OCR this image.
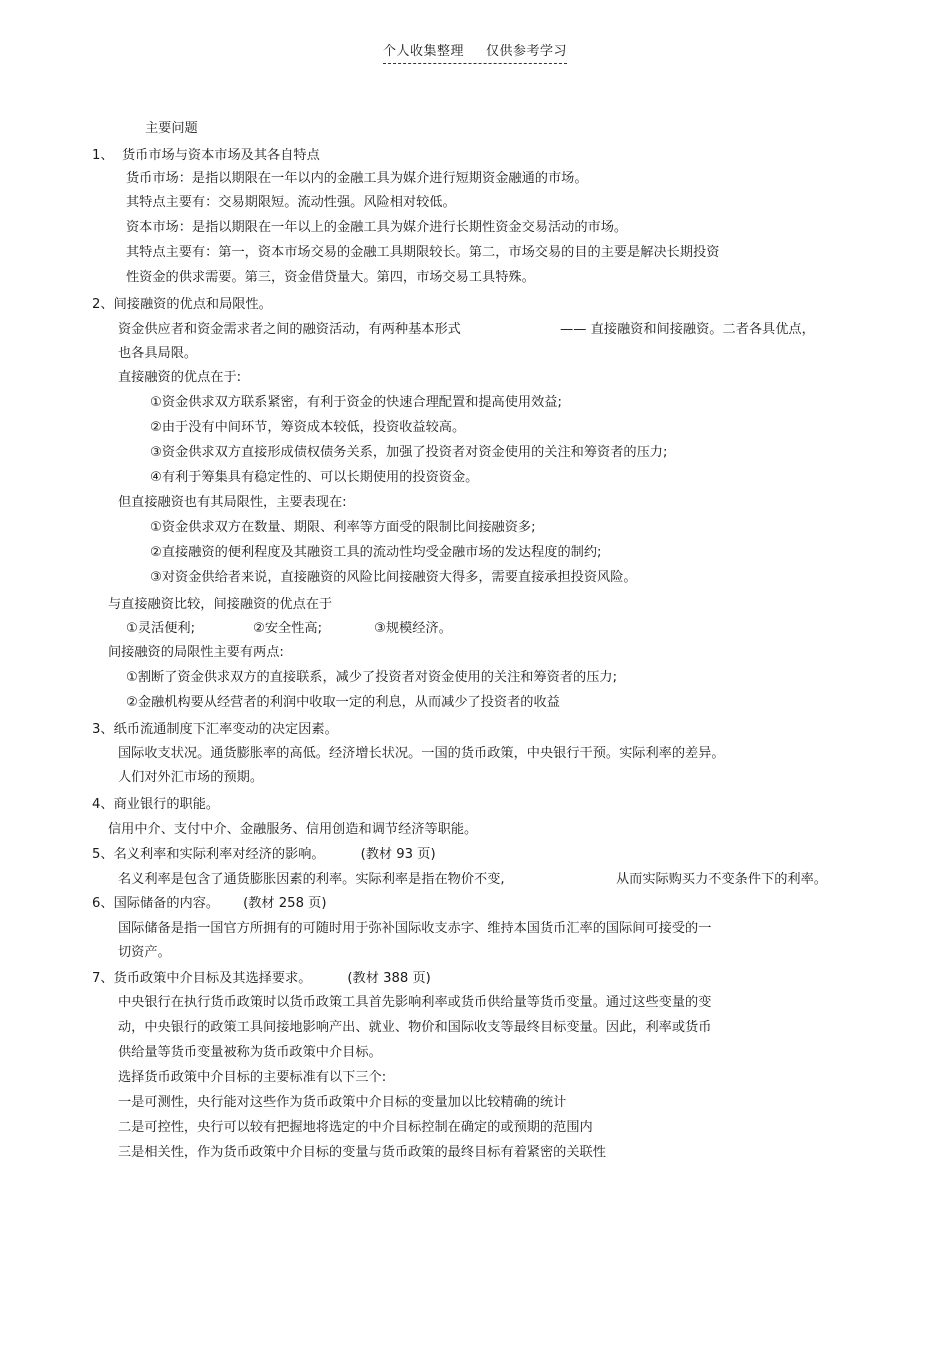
个人收集整理 仅供参考学习
主要问题
1、 货币市场与资本市场及其各自特点
货币市场：是指以期限在一年以内的金融工具为媒介进行短期资金融通的市场。
其特点主要有：交易期限短。流动性强。风险相对较低。
资本市场：是指以期限在一年以上的金融工具为媒介进行长期性资金交易活动的市场。
其特点主要有：第一，资本市场交易的金融工具期限较长。第二，市场交易的目的主要是解决长期投资
性资金的供求需要。第三，资金借贷量大。第四，市场交易工具特殊。
2、间接融资的优点和局限性。
资金供应者和资金需求者之间的融资活动，有两种基本形式	—— 直接融资和间接融资。二者各具优点，
也各具局限。
直接融资的优点在于:
①资金供求双方联系紧密，有利于资金的快速合理配置和提高使用效益;
②由于没有中间环节，筹资成本较低，投资收益较高。
③资金供求双方直接形成债权债务关系，加强了投资者对资金使用的关注和筹资者的压力;
④有利于筹集具有稳定性的、可以长期使用的投资资金。
但直接融资也有其局限性，主要表现在:
①资金供求双方在数量、期限、利率等方面受的限制比间接融资多;
②直接融资的便利程度及其融资工具的流动性均受金融市场的发达程度的制约;
③对资金供给者来说，直接融资的风险比间接融资大得多，需要直接承担投资风险。
与直接融资比较，间接融资的优点在于
①灵活便利;	②安全性高;	③规模经济。
间接融资的局限性主要有两点:
①割断了资金供求双方的直接联系，减少了投资者对资金使用的关注和筹资者的压力;
②金融机构要从经营者的利润中收取一定的利息，从而减少了投资者的收益
3、纸币流通制度下汇率变动的决定因素。
国际收支状况。通货膨胀率的高低。经济增长状况。一国的货币政策，中央银行干预。实际利率的差异。
人们对外汇市场的预期。
4、商业银行的职能。
信用中介、支付中介、金融服务、信用创造和调节经济等职能。
5、名义利率和实际利率对经济的影响。	(教材 93 页)
名义利率是包含了通货膨胀因素的利率。实际利率是指在物价不变,	从而实际购买力不变条件下的利率。
6、国际储备的内容。 (教材 258 页)
国际储备是指一国官方所拥有的可随时用于弥补国际收支赤字、维持本国货币汇率的国际间可接受的一
切资产。
7、货币政策中介目标及其选择要求。	(教材 388 页)
中央银行在执行货币政策时以货币政策工具首先影响利率或货币供给量等货币变量。通过这些变量的变
动，中央银行的政策工具间接地影响产出、就业、物价和国际收支等最终目标变量。因此，利率或货币
供给量等货币变量被称为货币政策中介目标。
选择货币政策中介目标的主要标准有以下三个:
一是可测性，央行能对这些作为货币政策中介目标的变量加以比较精确的统计
二是可控性，央行可以较有把握地将选定的中介目标控制在确定的或预期的范围内
三是相关性，作为货币政策中介目标的变量与货币政策的最终目标有着紧密的关联性
